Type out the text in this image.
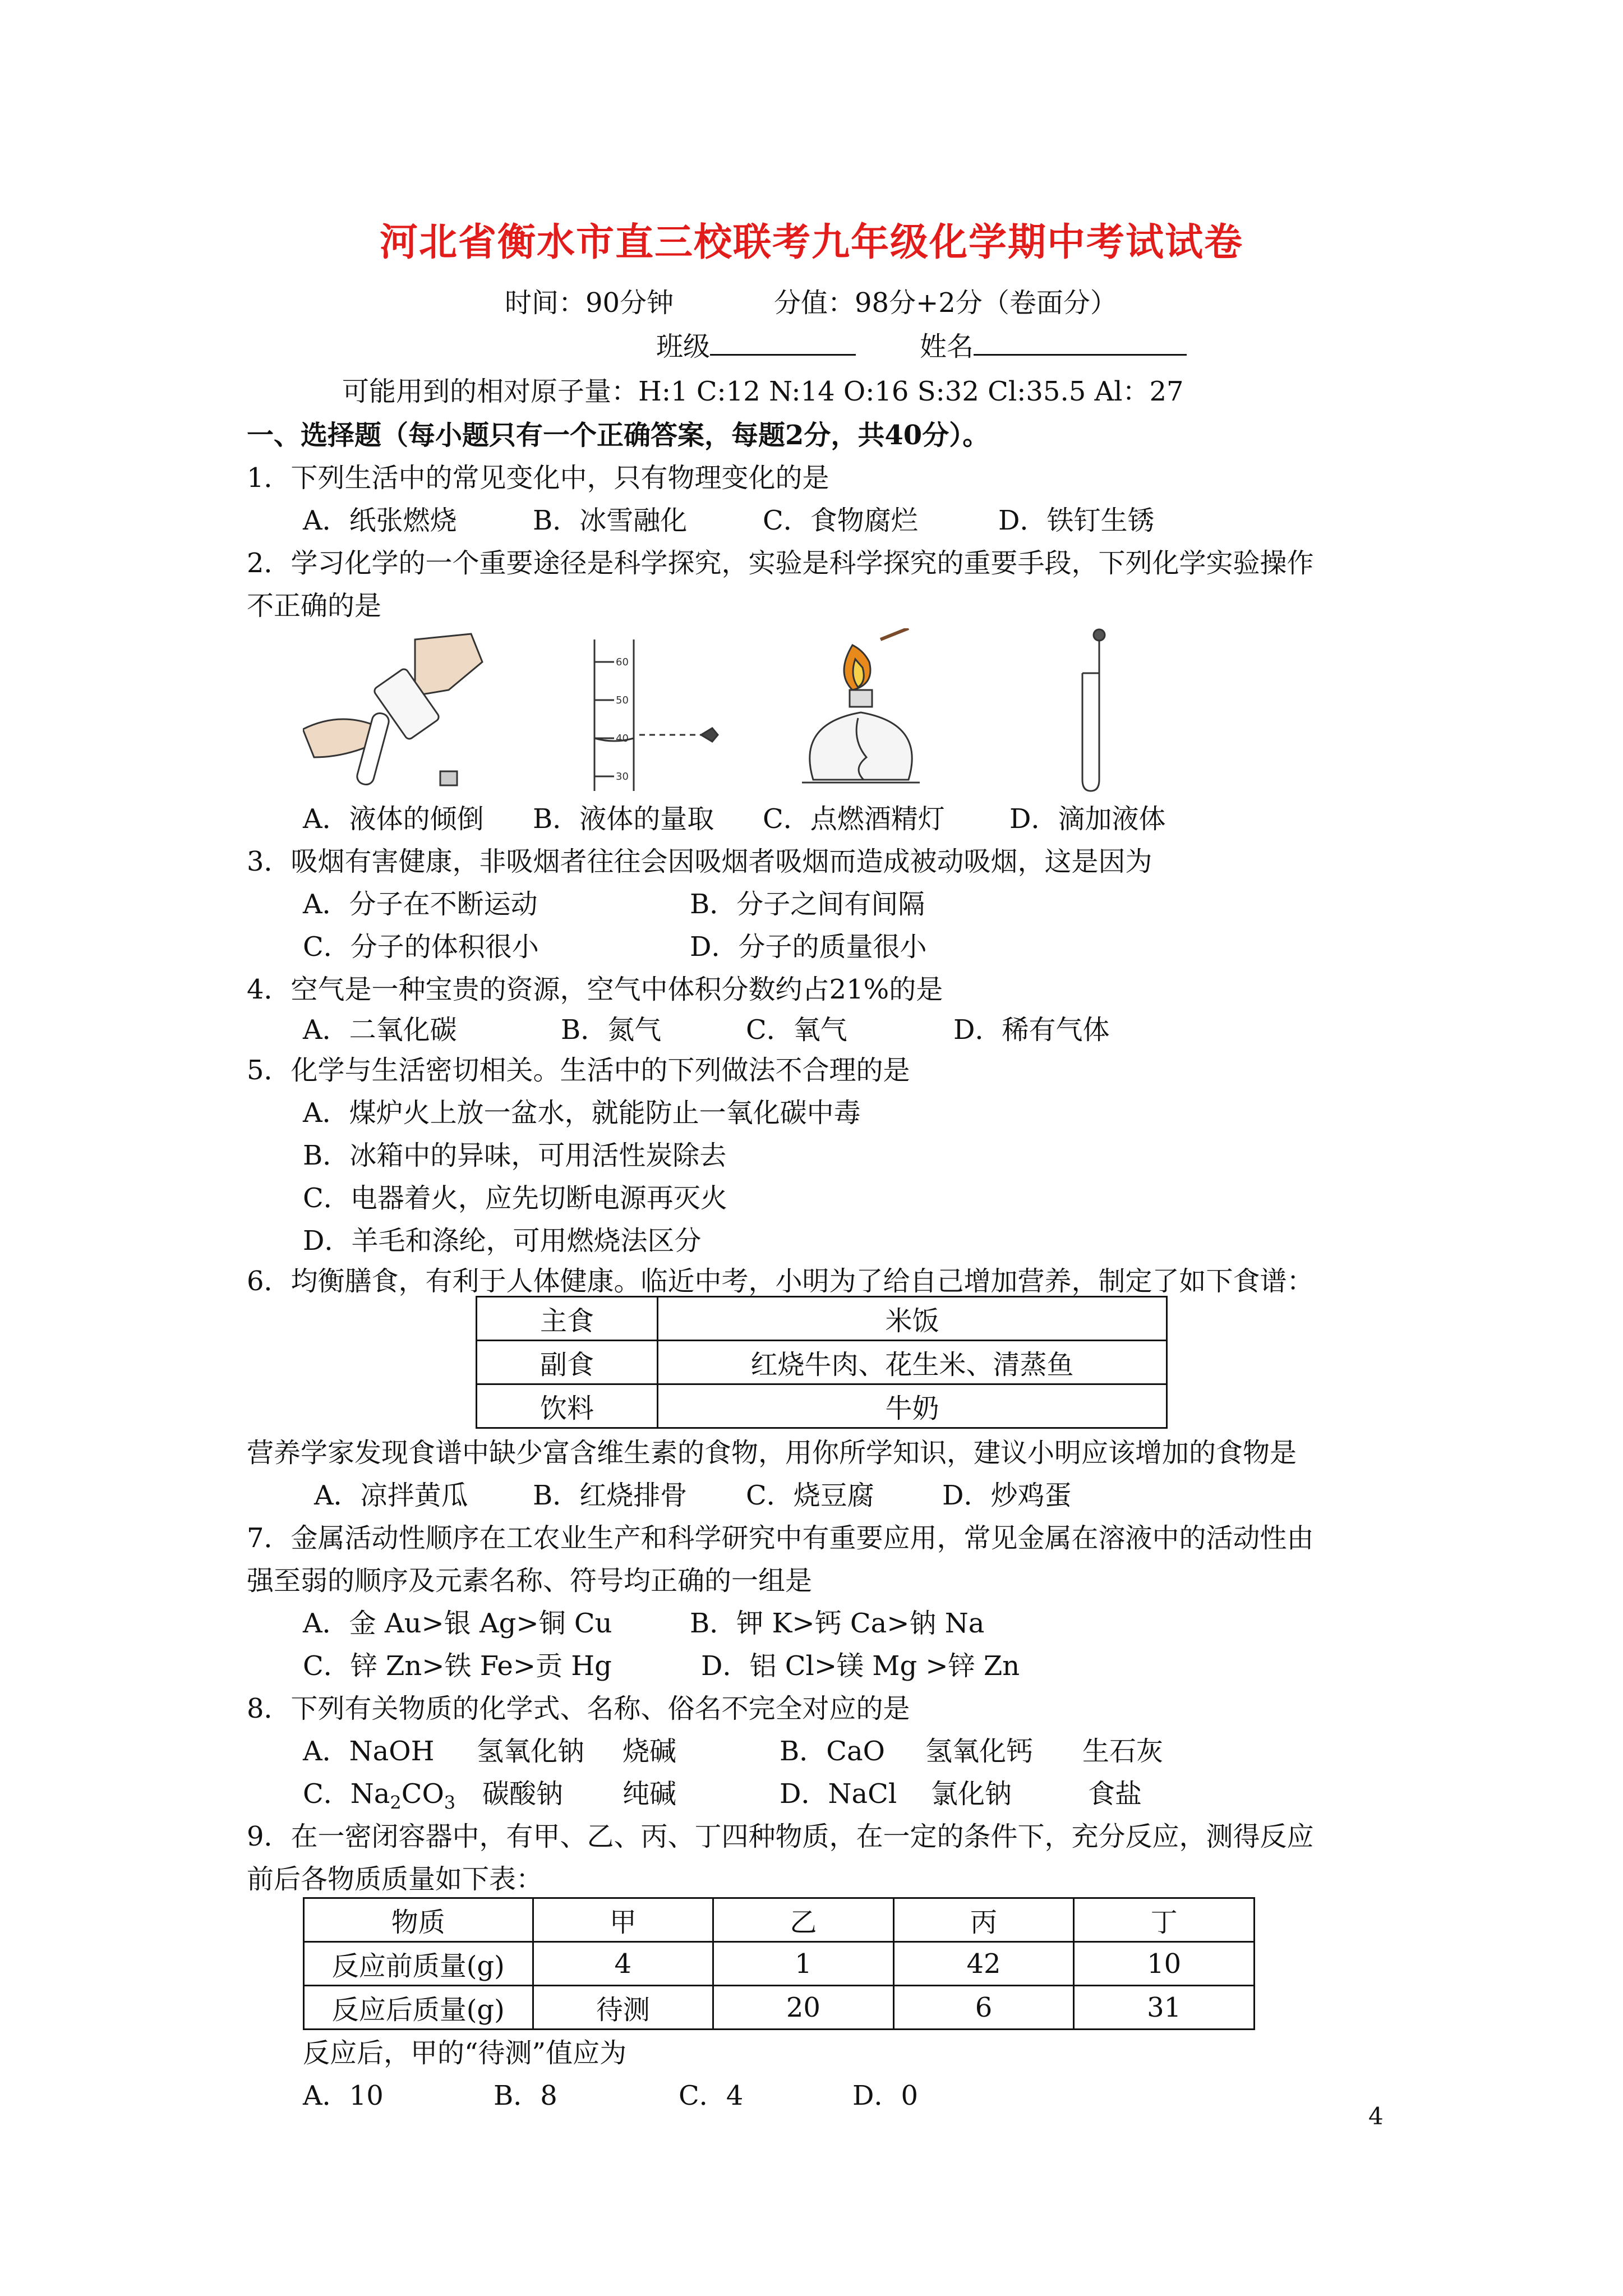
河北省衡水市直三校联考九年级化学期中考试试卷
时间：90分钟	分值：98分+2分（卷面分）
班级	姓名
可能用到的相对原子量：H:1 C:12 N:14 O:16 S:32 Cl:35.5 Al：27
一、选择题（每小题只有一个正确答案，每题2分，共40分）。
1．下列生活中的常见变化中，只有物理变化的是
A．纸张燃烧	B．冰雪融化	C．食物腐烂	D．铁钉生锈
2．学习化学的一个重要途径是科学探究，实验是科学探究的重要手段，下列化学实验操作
不正确的是
60
50
40
30
A．液体的倾倒 B．液体的量取 C．点燃酒精灯 D．滴加液体
3．吸烟有害健康，非吸烟者往往会因吸烟者吸烟而造成被动吸烟，这是因为
A．分子在不断运动	B．分子之间有间隔
C．分子的体积很小	D．分子的质量很小
4．空气是一种宝贵的资源，空气中体积分数约占21%的是
A．二氧化碳	B．氮气	C．氧气	D．稀有气体
5．化学与生活密切相关。生活中的下列做法不合理的是
A．煤炉火上放一盆水，就能防止一氧化碳中毒
B．冰箱中的异味，可用活性炭除去
C．电器着火，应先切断电源再灭火
D．羊毛和涤纶，可用燃烧法区分
6．均衡膳食，有利于人体健康。临近中考，小明为了给自己增加营养，制定了如下食谱：
主食	米饭
副食	红烧牛肉、花生米、清蒸鱼
饮料	牛奶
营养学家发现食谱中缺少富含维生素的食物，用你所学知识，建议小明应该增加的食物是
A．凉拌黄瓜 B．红烧排骨 C．烧豆腐	D．炒鸡蛋
7．金属活动性顺序在工农业生产和科学研究中有重要应用，常见金属在溶液中的活动性由
强至弱的顺序及元素名称、符号均正确的一组是
A．金 Au>银 Ag>铜 Cu	B．钾 K>钙 Ca>钠 Na
C．锌 Zn>铁 Fe>贡 Hg	D．铝 Cl>镁 Mg >锌 Zn
8．下列有关物质的化学式、名称、俗名不完全对应的是
A．NaOH 氢氧化钠 烧碱	B．CaO 氢氧化钙 生石灰
C．$Na_2CO_3$ 碳酸钠 纯碱	D．NaCl 氯化钠	食盐
9．在一密闭容器中，有甲、乙、丙、丁四种物质，在一定的条件下，充分反应，测得反应
前后各物质质量如下表：
物质	甲	乙	丙	丁
反应前质量(g)	4	1	42	10
反应后质量(g)	待测	20	6	31
反应后，甲的“待测”值应为
A．10	B．8	C．4	D．0
4
